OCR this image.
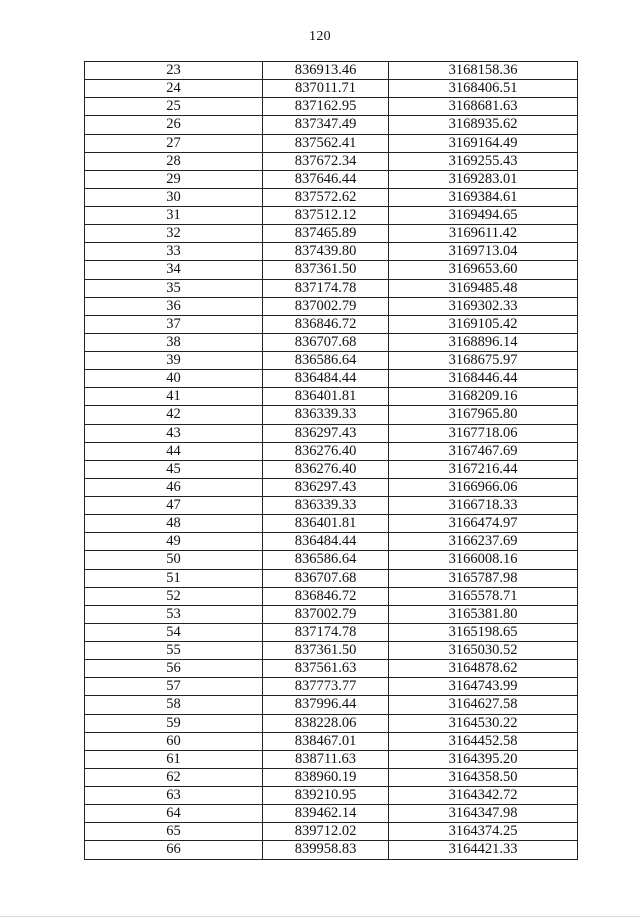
120
23	836913.46	3168158.36
24	837011.71	3168406.51
25	837162.95	3168681.63
26	837347.49	3168935.62
27	837562.41	3169164.49
28	837672.34	3169255.43
29	837646.44	3169283.01
30	837572.62	3169384.61
31	837512.12	3169494.65
32	837465.89	3169611.42
33	837439.80	3169713.04
34	837361.50	3169653.60
35	837174.78	3169485.48
36	837002.79	3169302.33
37	836846.72	3169105.42
38	836707.68	3168896.14
39	836586.64	3168675.97
40	836484.44	3168446.44
41	836401.81	3168209.16
42	836339.33	3167965.80
43	836297.43	3167718.06
44	836276.40	3167467.69
45	836276.40	3167216.44
46	836297.43	3166966.06
47	836339.33	3166718.33
48	836401.81	3166474.97
49	836484.44	3166237.69
50	836586.64	3166008.16
51	836707.68	3165787.98
52	836846.72	3165578.71
53	837002.79	3165381.80
54	837174.78	3165198.65
55	837361.50	3165030.52
56	837561.63	3164878.62
57	837773.77	3164743.99
58	837996.44	3164627.58
59	838228.06	3164530.22
60	838467.01	3164452.58
61	838711.63	3164395.20
62	838960.19	3164358.50
63	839210.95	3164342.72
64	839462.14	3164347.98
65	839712.02	3164374.25
66	839958.83	3164421.33
